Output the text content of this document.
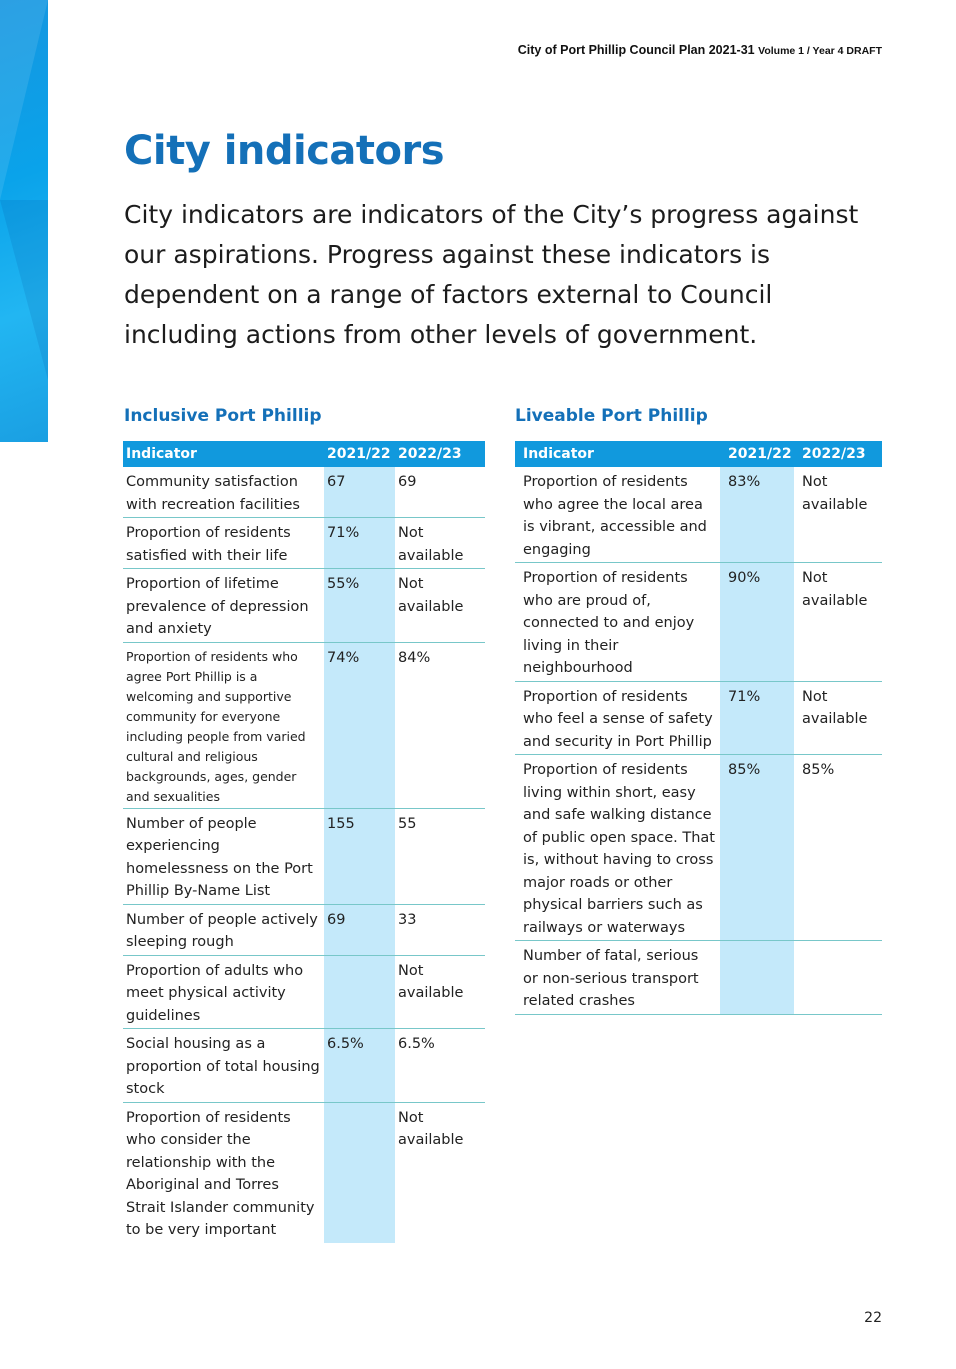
City of Port Phillip Council Plan 2021-31 Volume 1 / Year 4 DRAFT
City indicators

City indicators are indicators of the City’s progress against our aspirations. Progress against these indicators is dependent on a range of factors external to Council including actions from other levels of government.

Inclusive Port Phillip	Liveable Port Phillip
Indicator	2021/22	2022/23
Community satisfaction with recreation facilities	67	69
Proportion of residents satisfied with their life	71%	Not available
Proportion of lifetime prevalence of depression and anxiety	55%	Not available
Proportion of residents who agree Port Phillip is a welcoming and supportive community for everyone including people from varied cultural and religious backgrounds, ages, gender and sexualities	74%	84%
Number of people experiencing homelessness on the Port Phillip By-Name List	155	55
Number of people actively sleeping rough	69	33
Proportion of adults who meet physical activity guidelines		Not available
Social housing as a proportion of total housing stock	6.5%	6.5%
Proportion of residents who consider the relationship with the Aboriginal and Torres Strait Islander community to be very important		Not available
Indicator	2021/22	2022/23
Proportion of residents who agree the local area is vibrant, accessible and engaging	83%	Not available
Proportion of residents who are proud of, connected to and enjoy living in their neighbourhood	90%	Not available
Proportion of residents who feel a sense of safety and security in Port Phillip	71%	Not available
Proportion of residents living within short, easy and safe walking distance of public open space. That is, without having to cross major roads or other physical barriers such as railways or waterways	85%	85%
Number of fatal, serious or non-serious transport related crashes		
22
